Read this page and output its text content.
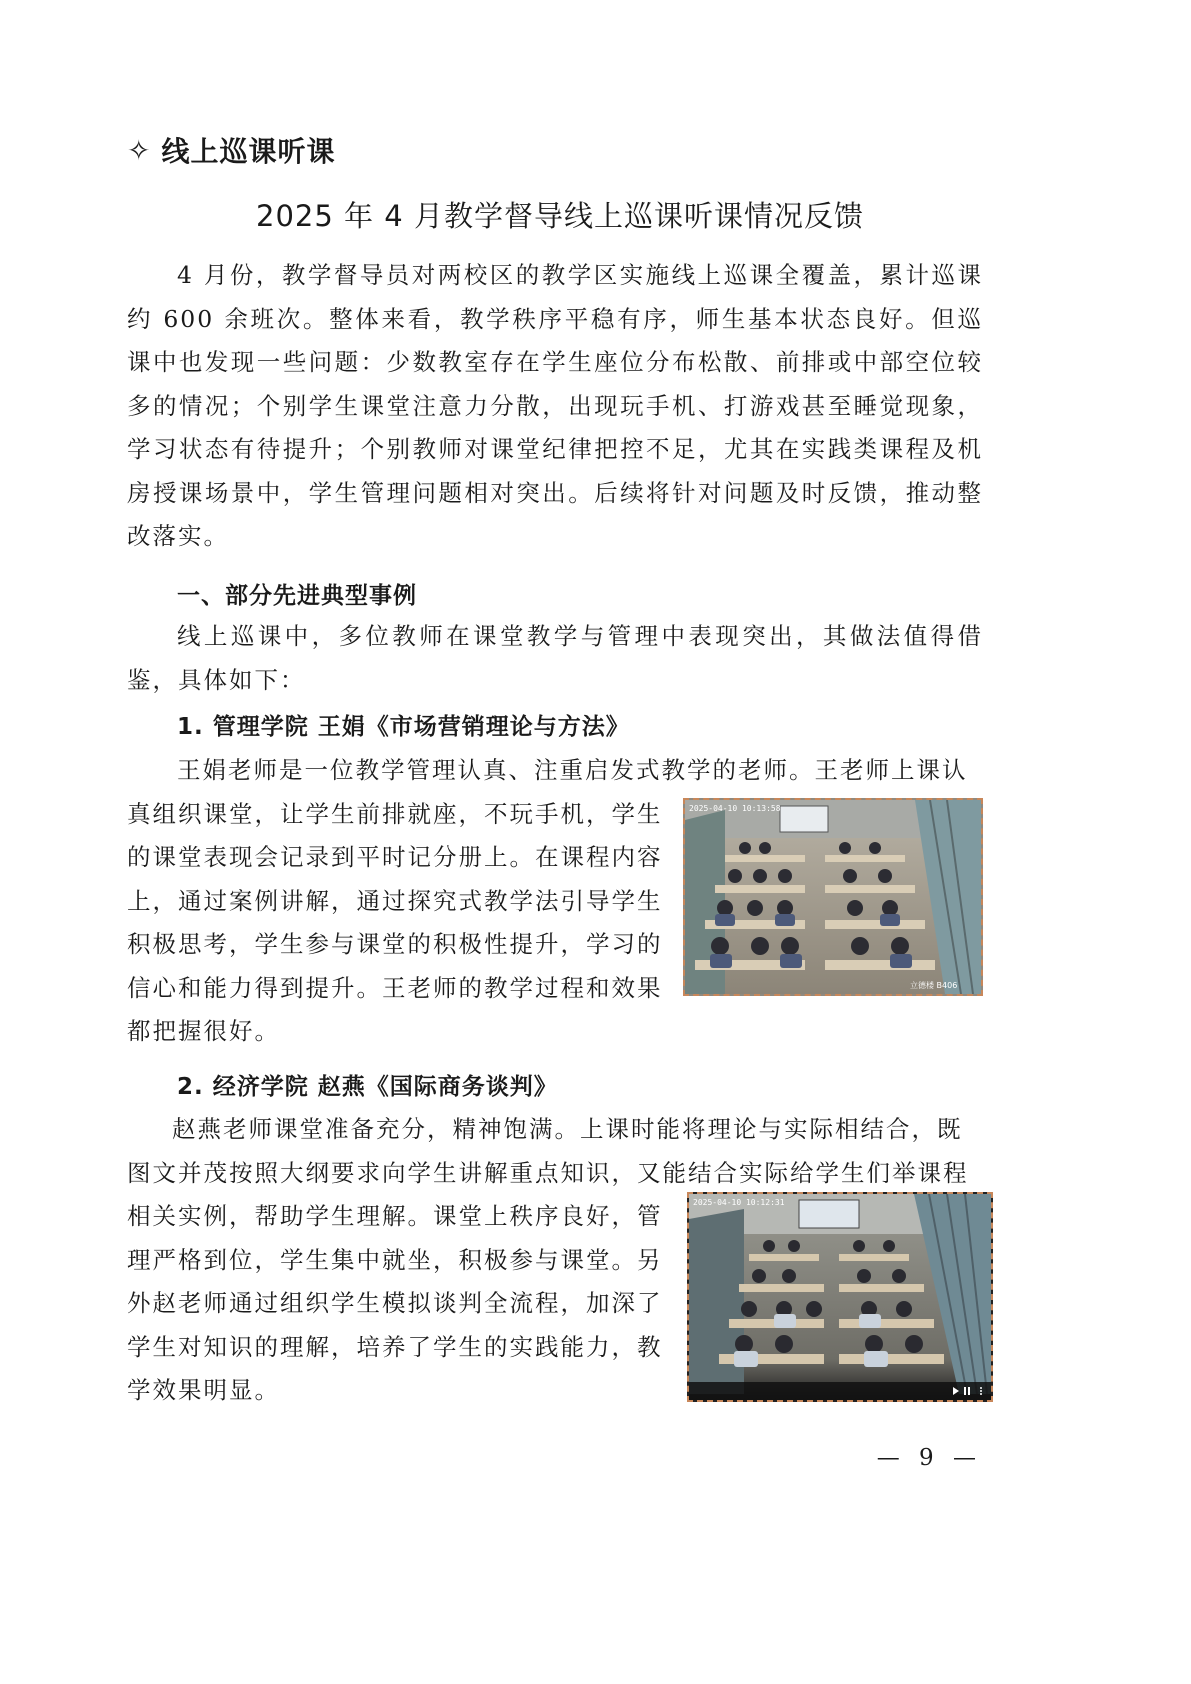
✧ 线上巡课听课
2025 年 4 月教学督导线上巡课听课情况反馈
4 月份，教学督导员对两校区的教学区实施线上巡课全覆盖，累计巡课约 600 余班次。整体来看，教学秩序平稳有序，师生基本状态良好。但巡课中也发现一些问题：少数教室存在学生座位分布松散、前排或中部空位较多的情况；个别学生课堂注意力分散，出现玩手机、打游戏甚至睡觉现象，学习状态有待提升；个别教师对课堂纪律把控不足，尤其在实践类课程及机房授课场景中，学生管理问题相对突出。后续将针对问题及时反馈，推动整改落实。
一、部分先进典型事例
线上巡课中，多位教师在课堂教学与管理中表现突出，其做法值得借鉴，具体如下：
1. 管理学院 王娟《市场营销理论与方法》
王娟老师是一位教学管理认真、注重启发式教学的老师。王老师上课认
真组织课堂，让学生前排就座，不玩手机，学生
的课堂表现会记录到平时记分册上。在课程内容
上，通过案例讲解，通过探究式教学法引导学生
积极思考，学生参与课堂的积极性提升，学习的
信心和能力得到提升。王老师的教学过程和效果
都把握很好。
2025-04-10 10:13:58
立德楼 B406
2. 经济学院 赵燕《国际商务谈判》
赵燕老师课堂准备充分，精神饱满。上课时能将理论与实际相结合，既
图文并茂按照大纲要求向学生讲解重点知识，又能结合实际给学生们举课程
相关实例，帮助学生理解。课堂上秩序良好，管
理严格到位，学生集中就坐，积极参与课堂。另
外赵老师通过组织学生模拟谈判全流程，加深了
学生对知识的理解，培养了学生的实践能力，教
学效果明显。
2025-04-10 10:12:31
— 9 —
